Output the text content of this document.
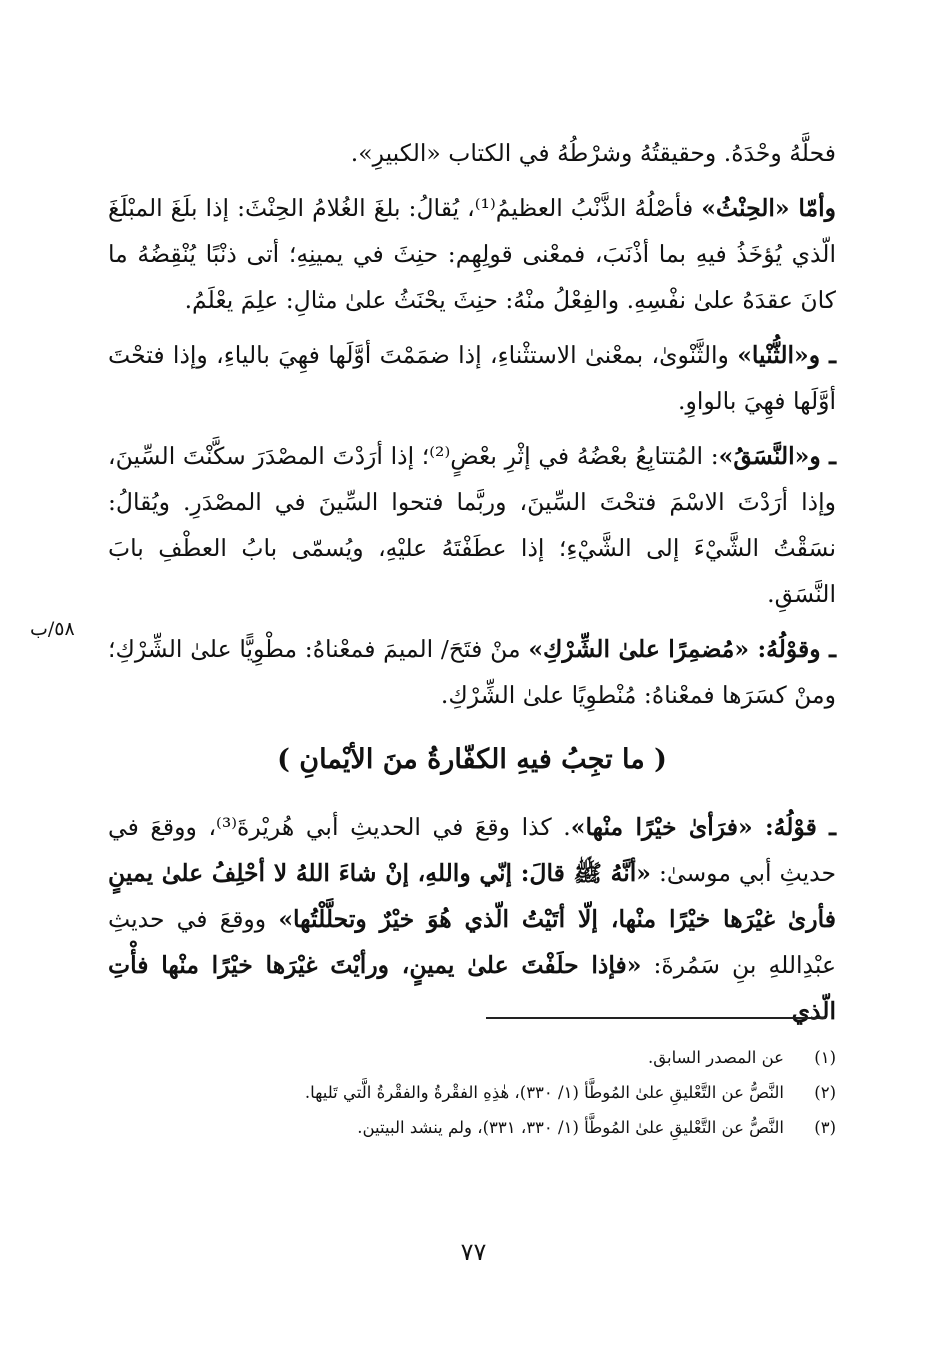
فحلَّهُ وحْدَهُ. وحقيقتُهُ وشرْطُهُ في الكتاب «الكبيرِ».

وأمّا «الحِنْثُ» فأصْلُهُ الذَّنْبُ العظيمُ⁽¹⁾، يُقالُ: بلغَ الغُلامُ الحِنْثَ: إذا بلَغَ المبْلَغَ الّذي يُؤخَذُ فيهِ بما أذْنَبَ، فمعْنى قولِهِم: حنِثَ في يمينِهِ؛ أتى ذنْبًا يُنْقِضُهُ ما كانَ عقدَهُ علىٰ نفْسِهِ. والفِعْلُ منْهُ: حنِثَ يحْنَثُ علىٰ مثالِ: علِمَ يعْلَمُ.

ـ و«الثُّنْيا» والثَّنْوىٰ، بمعْنىٰ الاستثْناءِ، إذا ضمَمْتَ أوَّلَها فهِيَ بالياءِ، وإذا فتحْتَ أوَّلَها فهِيَ بالواوِ.

ـ و«النَّسَقُ»: المُتتابِعُ بعْضُهُ في إثْرِ بعْضٍ⁽²⁾؛ إذا أرَدْتَ المصْدَرَ سكَّنْتَ السِّينَ، وإذا أرَدْتَ الاسْمَ فتحْتَ السِّينَ، وربَّما فتحوا السِّينَ في المصْدَرِ. ويُقالُ: نسَقْتُ الشَّيْءَ إلى الشَّيْءِ؛ إذا عطَفْتَهُ عليْهِ، ويُسمّى بابُ العطْفِ بابَ النَّسَقِ.

ـ وقوْلُهُ: «مُضمِرًا علىٰ الشِّرْكِ» منْ فتَحَ/ الميمَ فمعْناهُ: مطْوِيًّا علىٰ الشِّرْكِ؛ ومنْ كسَرَها فمعْناهُ: مُنْطوِيًا علىٰ الشِّرْكِ.

( ما تجِبُ فيهِ الكفّارةُ منَ الأيْمانِ )

ـ قوْلُهُ: «فرَأىٰ خيْرًا منْها». كذا وقعَ في الحديثِ أبي هُريْرةَ⁽³⁾، ووقعَ في حديثِ أبي موسىٰ: «أنَّهُ ﷺ قالَ: إنّي واللهِ، إنْ شاءَ اللهُ لا أحْلِفُ علىٰ يمينٍ فأرىٰ غيْرَها خيْرًا منْها، إلّا أتَيْتُ الّذي هُوَ خيْرٌ وتحلَّلْتُها» ووقعَ في حديثِ عبْدِاللهِ بنِ سَمُرةَ: «فإذا حلَفْتَ علىٰ يمينٍ، ورأيْتَ غيْرَها خيْرًا منْها فأْتِ الّذي

٥٨/ب
(١)
عن المصدر السابق.
(٢)
النَّصُّ عن التَّعْليقِ علىٰ المُوطَّأ (١/ ٣٣٠)، هٰذِهِ الفقْرةُ والفقْرةُ الَّتي تَليها.
(٣)
النَّصُّ عن التَّعْليقِ علىٰ المُوطَّأ (١/ ٣٣٠، ٣٣١)، ولم ينشد البيتين.
٧٧
